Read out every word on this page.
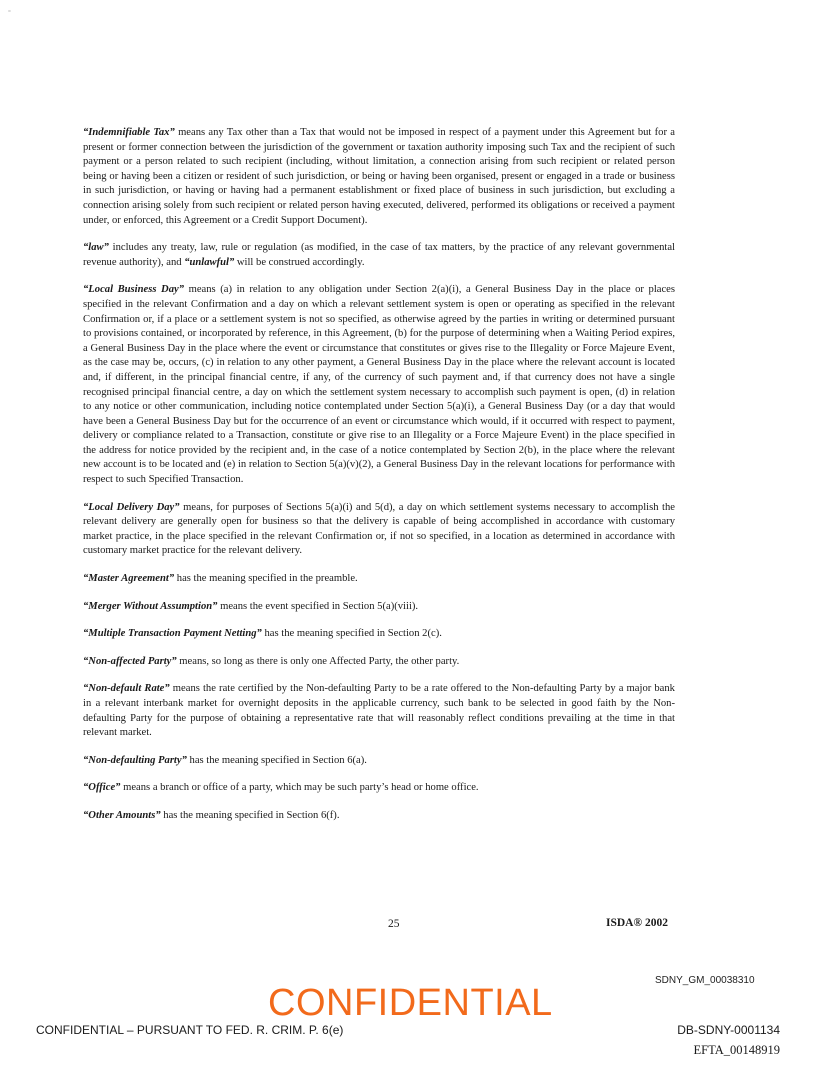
=

“Indemnifiable Tax” means any Tax other than a Tax that would not be imposed in respect of a payment under this Agreement but for a present or former connection between the jurisdiction of the government or taxation authority imposing such Tax and the recipient of such payment or a person related to such recipient (including, without limitation, a connection arising from such recipient or related person being or having been a citizen or resident of such jurisdiction, or being or having been organised, present or engaged in a trade or business in such jurisdiction, or having or having had a permanent establishment or fixed place of business in such jurisdiction, but excluding a connection arising solely from such recipient or related person having executed, delivered, performed its obligations or received a payment under, or enforced, this Agreement or a Credit Support Document).

“law” includes any treaty, law, rule or regulation (as modified, in the case of tax matters, by the practice of any relevant governmental revenue authority), and “unlawful” will be construed accordingly.

“Local Business Day” means (a) in relation to any obligation under Section 2(a)(i), a General Business Day in the place or places specified in the relevant Confirmation and a day on which a relevant settlement system is open or operating as specified in the relevant Confirmation or, if a place or a settlement system is not so specified, as otherwise agreed by the parties in writing or determined pursuant to provisions contained, or incorporated by reference, in this Agreement, (b) for the purpose of determining when a Waiting Period expires, a General Business Day in the place where the event or circumstance that constitutes or gives rise to the Illegality or Force Majeure Event, as the case may be, occurs, (c) in relation to any other payment, a General Business Day in the place where the relevant account is located and, if different, in the principal financial centre, if any, of the currency of such payment and, if that currency does not have a single recognised principal financial centre, a day on which the settlement system necessary to accomplish such payment is open, (d) in relation to any notice or other communication, including notice contemplated under Section 5(a)(i), a General Business Day (or a day that would have been a General Business Day but for the occurrence of an event or circumstance which would, if it occurred with respect to payment, delivery or compliance related to a Transaction, constitute or give rise to an Illegality or a Force Majeure Event) in the place specified in the address for notice provided by the recipient and, in the case of a notice contemplated by Section 2(b), in the place where the relevant new account is to be located and (e) in relation to Section 5(a)(v)(2), a General Business Day in the relevant locations for performance with respect to such Specified Transaction.

“Local Delivery Day” means, for purposes of Sections 5(a)(i) and 5(d), a day on which settlement systems necessary to accomplish the relevant delivery are generally open for business so that the delivery is capable of being accomplished in accordance with customary market practice, in the place specified in the relevant Confirmation or, if not so specified, in a location as determined in accordance with customary market practice for the relevant delivery.

“Master Agreement” has the meaning specified in the preamble.

“Merger Without Assumption” means the event specified in Section 5(a)(viii).

“Multiple Transaction Payment Netting” has the meaning specified in Section 2(c).

“Non-affected Party” means, so long as there is only one Affected Party, the other party.

“Non-default Rate” means the rate certified by the Non-defaulting Party to be a rate offered to the Non-defaulting Party by a major bank in a relevant interbank market for overnight deposits in the applicable currency, such bank to be selected in good faith by the Non-defaulting Party for the purpose of obtaining a representative rate that will reasonably reflect conditions prevailing at the time in that relevant market.

“Non-defaulting Party” has the meaning specified in Section 6(a).

“Office” means a branch or office of a party, which may be such party’s head or home office.

“Other Amounts” has the meaning specified in Section 6(f).

25	ISDA® 2002
SDNY_GM_00038310
CONFIDENTIAL
CONFIDENTIAL – PURSUANT TO FED. R. CRIM. P. 6(e)	DB-SDNY-0001134
EFTA_00148919
